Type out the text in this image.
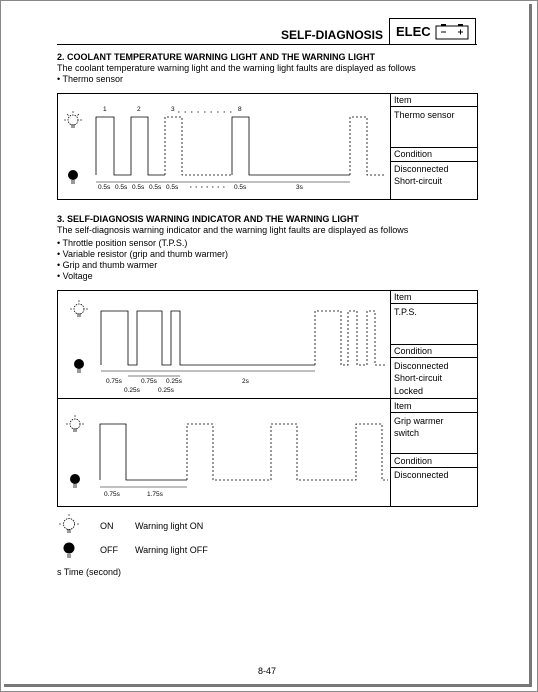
SELF-DIAGNOSIS ELEC
2. COOLANT TEMPERATURE WARNING LIGHT AND THE WARNING LIGHT
The coolant temperature warning light and the warning light faults are displayed as follows
• Thermo sensor
Item
Thermo sensor
Condition
Disconnected
Short-circuit
1	2	3	8
0.5s 0.5s 0.5s 0.5s 0.5s	0.5s	3s
3. SELF-DIAGNOSIS WARNING INDICATOR AND THE WARNING LIGHT
The self-diagnosis warning indicator and the warning light faults are displayed as follows
• Throttle position sensor (T.P.S.)
• Variable resistor (grip and thumb warmer)
• Grip and thumb warmer
• Voltage
Item
T.P.S.
Condition
Disconnected
Short-circuit
Locked
Item
Grip warmer
switch
Condition
Disconnected
0.75s	0.75s 0.25s	2s
0.25s	0.25s
0.75s	1.75s
ON Warning light ON
OFF Warning light OFF
s Time (second)
8-47
